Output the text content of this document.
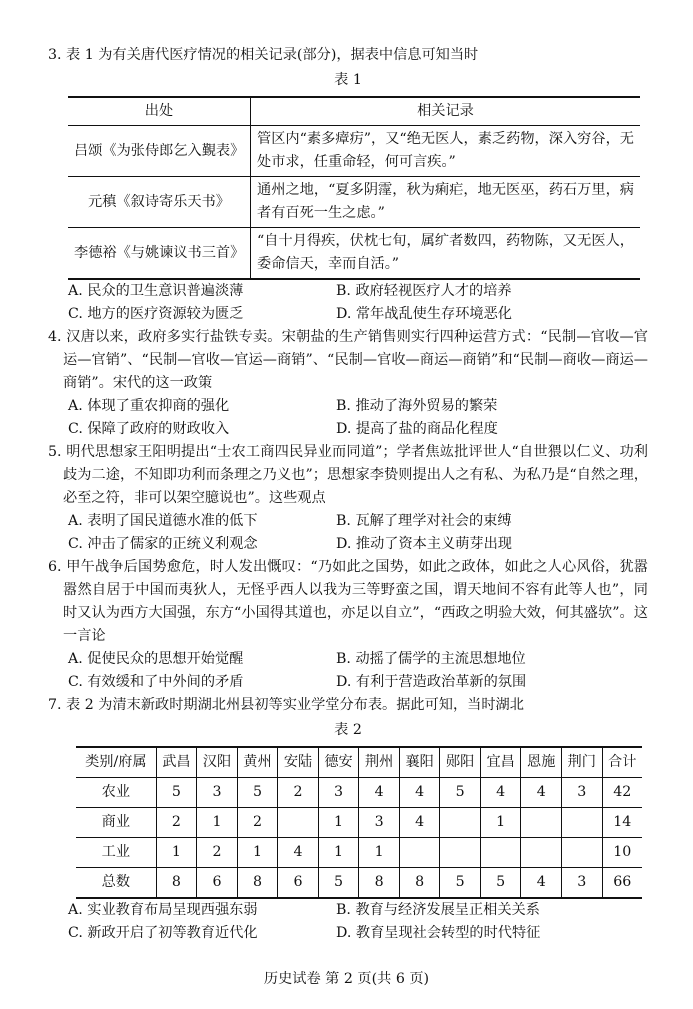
3. 表 1 为有关唐代医疗情况的相关记录(部分)，据表中信息可知当时
表 1
出处	相关记录
吕颂《为张侍郎乞入覲表》	管区内“素多瘴疠”，又“绝无医人，素乏药物，深入穷谷，无处市求，任重命轻，何可言疾。”
元稹《叙诗寄乐天书》	通州之地，“夏多阴霪，秋为痢疟，地无医巫，药石万里，病者有百死一生之虑。”
李德裕《与姚谏议书三首》	“自十月得疾，伏枕七旬，属纩者数四，药物陈，又无医人，委命信天，幸而自活。”
A. 民众的卫生意识普遍淡薄	B. 政府轻视医疗人才的培养
C. 地方的医疗资源较为匮乏	D. 常年战乱使生存环境恶化
4. 汉唐以来，政府多实行盐铁专卖。宋朝盐的生产销售则实行四种运营方式：“民制—官收—官运—官销”、“民制—官收—官运—商销”、“民制—官收—商运—商销”和“民制—商收—商运—商销”。宋代的这一政策
A. 体现了重农抑商的强化	B. 推动了海外贸易的繁荣
C. 保障了政府的财政收入	D. 提高了盐的商品化程度
5. 明代思想家王阳明提出“士农工商四民异业而同道”；学者焦竑批评世人“自世猥以仁义、功利歧为二途，不知即功利而条理之乃义也”；思想家李贽则提出人之有私、为私乃是“自然之理，必至之符，非可以架空臆说也”。这些观点
A. 表明了国民道德水准的低下	B. 瓦解了理学对社会的束缚
C. 冲击了儒家的正统义利观念	D. 推动了资本主义萌芽出现
6. 甲午战争后国势愈危，时人发出慨叹：“乃如此之国势，如此之政体，如此之人心风俗，犹嚣嚣然自居于中国而夷狄人，无怪乎西人以我为三等野蛮之国，谓天地间不容有此等人也”，同时又认为西方大国强，东方“小国得其道也，亦足以自立”，“西政之明验大效，何其盛欤”。这一言论
A. 促使民众的思想开始觉醒	B. 动摇了儒学的主流思想地位
C. 有效缓和了中外间的矛盾	D. 有利于营造政治革新的氛围
7. 表 2 为清末新政时期湖北州县初等实业学堂分布表。据此可知，当时湖北
表 2
类别/府属	武昌	汉阳	黄州	安陆	德安	荆州	襄阳	郧阳	宜昌	恩施	荆门	合计
农业	5	3	5	2	3	4	4	5	4	4	3	42
商业	2	1	2		1	3	4		1			14
工业	1	2	1	4	1	1						10
总数	8	6	8	6	5	8	8	5	5	4	3	66
A. 实业教育布局呈现西强东弱	B. 教育与经济发展呈正相关关系
C. 新政开启了初等教育近代化	D. 教育呈现社会转型的时代特征
历史试卷 第 2 页(共 6 页)
